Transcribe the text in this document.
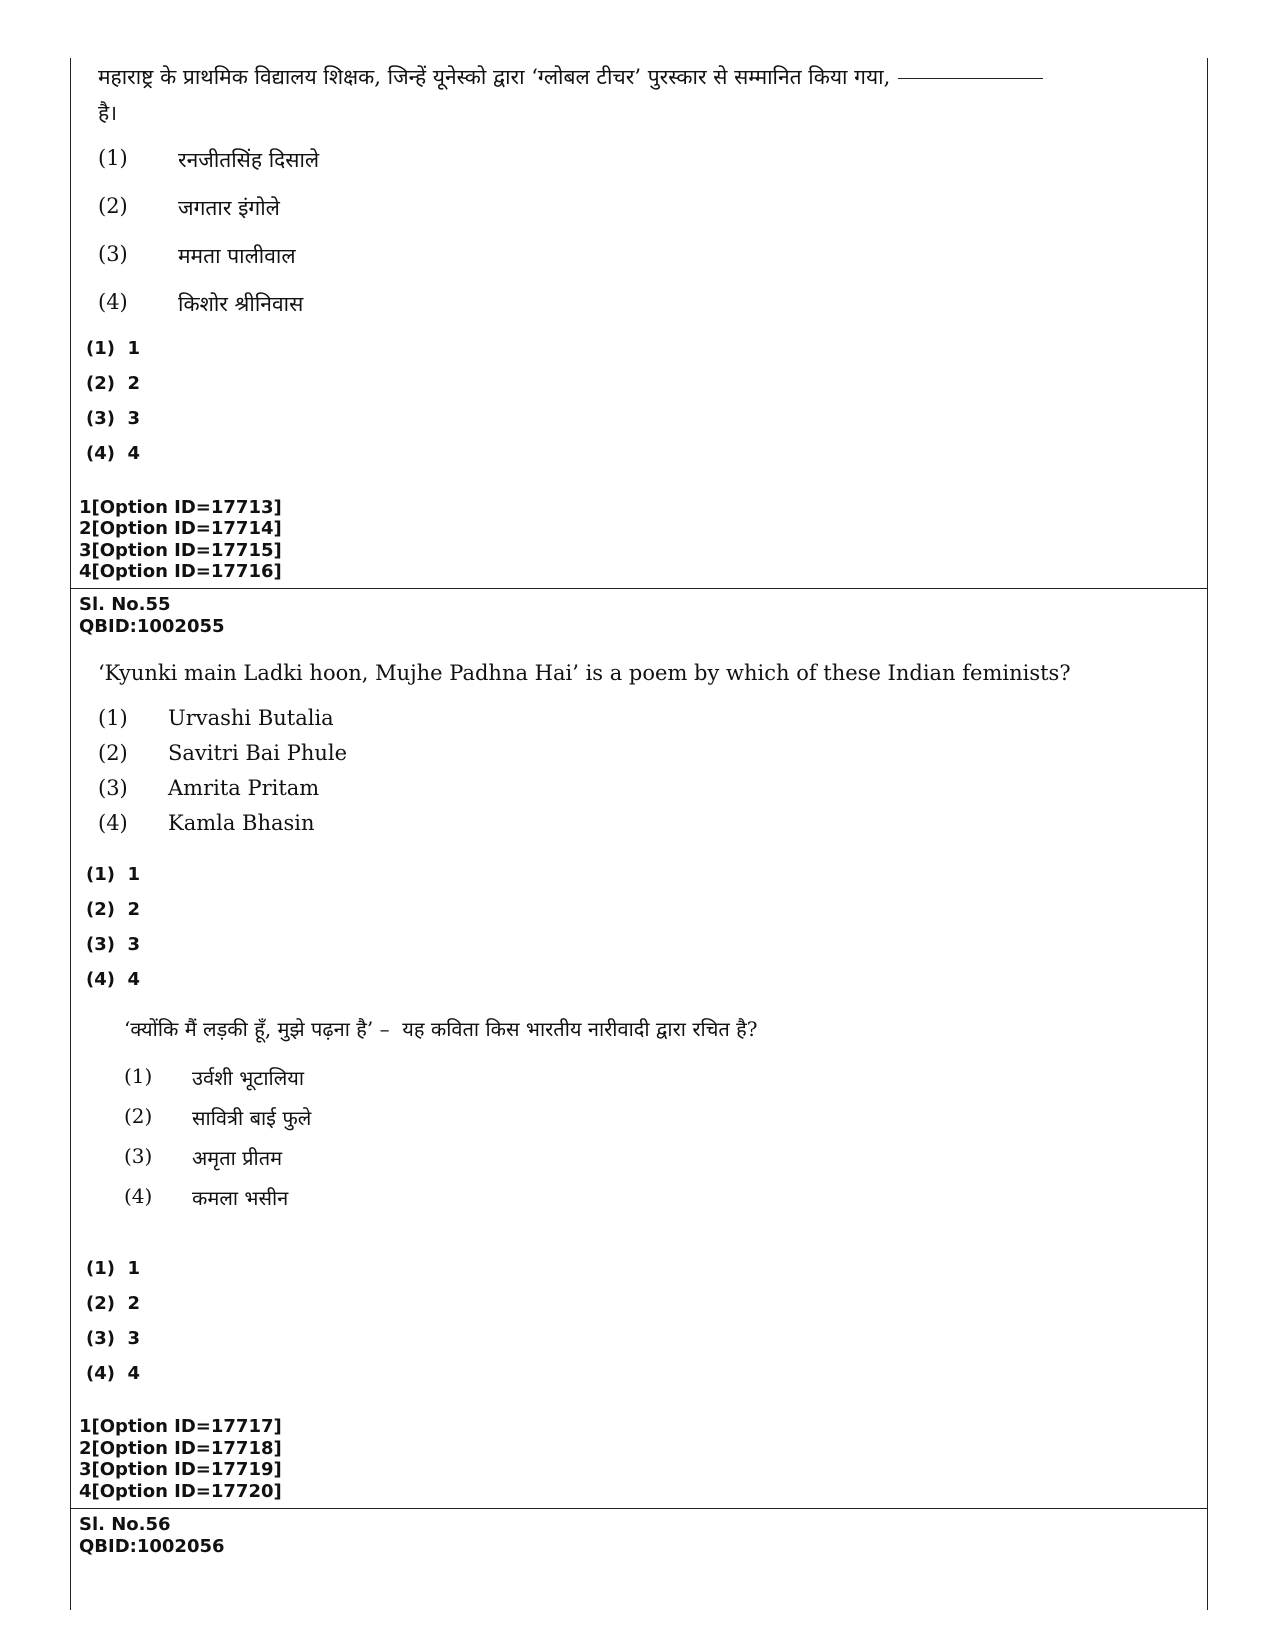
महाराष्ट्र के प्राथमिक विद्यालय शिक्षक, जिन्हें यूनेस्को द्वारा ‘ग्लोबल टीचर’ पुरस्कार से सम्मानित किया गया,
है।
(1) रनजीतसिंह दिसाले
(2) जगतार इंगोले
(3) ममता पालीवाल
(4) किशोर श्रीनिवास
(1)  1
(2)  2
(3)  3
(4)  4
1[Option ID=17713]
2[Option ID=17714]
3[Option ID=17715]
4[Option ID=17716]
Sl. No.55
QBID:1002055
‘Kyunki main Ladki hoon, Mujhe Padhna Hai’ is a poem by which of these Indian feminists?
(1) Urvashi Butalia
(2) Savitri Bai Phule
(3) Amrita Pritam
(4) Kamla Bhasin
(1)  1
(2)  2
(3)  3
(4)  4
‘क्योंकि मैं लड़की हूँ, मुझे पढ़ना है’ –  यह कविता किस भारतीय नारीवादी द्वारा रचित है?
(1) उर्वशी भूटालिया
(2) सावित्री बाई फुले
(3) अमृता प्रीतम
(4) कमला भसीन
(1)  1
(2)  2
(3)  3
(4)  4
1[Option ID=17717]
2[Option ID=17718]
3[Option ID=17719]
4[Option ID=17720]
Sl. No.56
QBID:1002056
